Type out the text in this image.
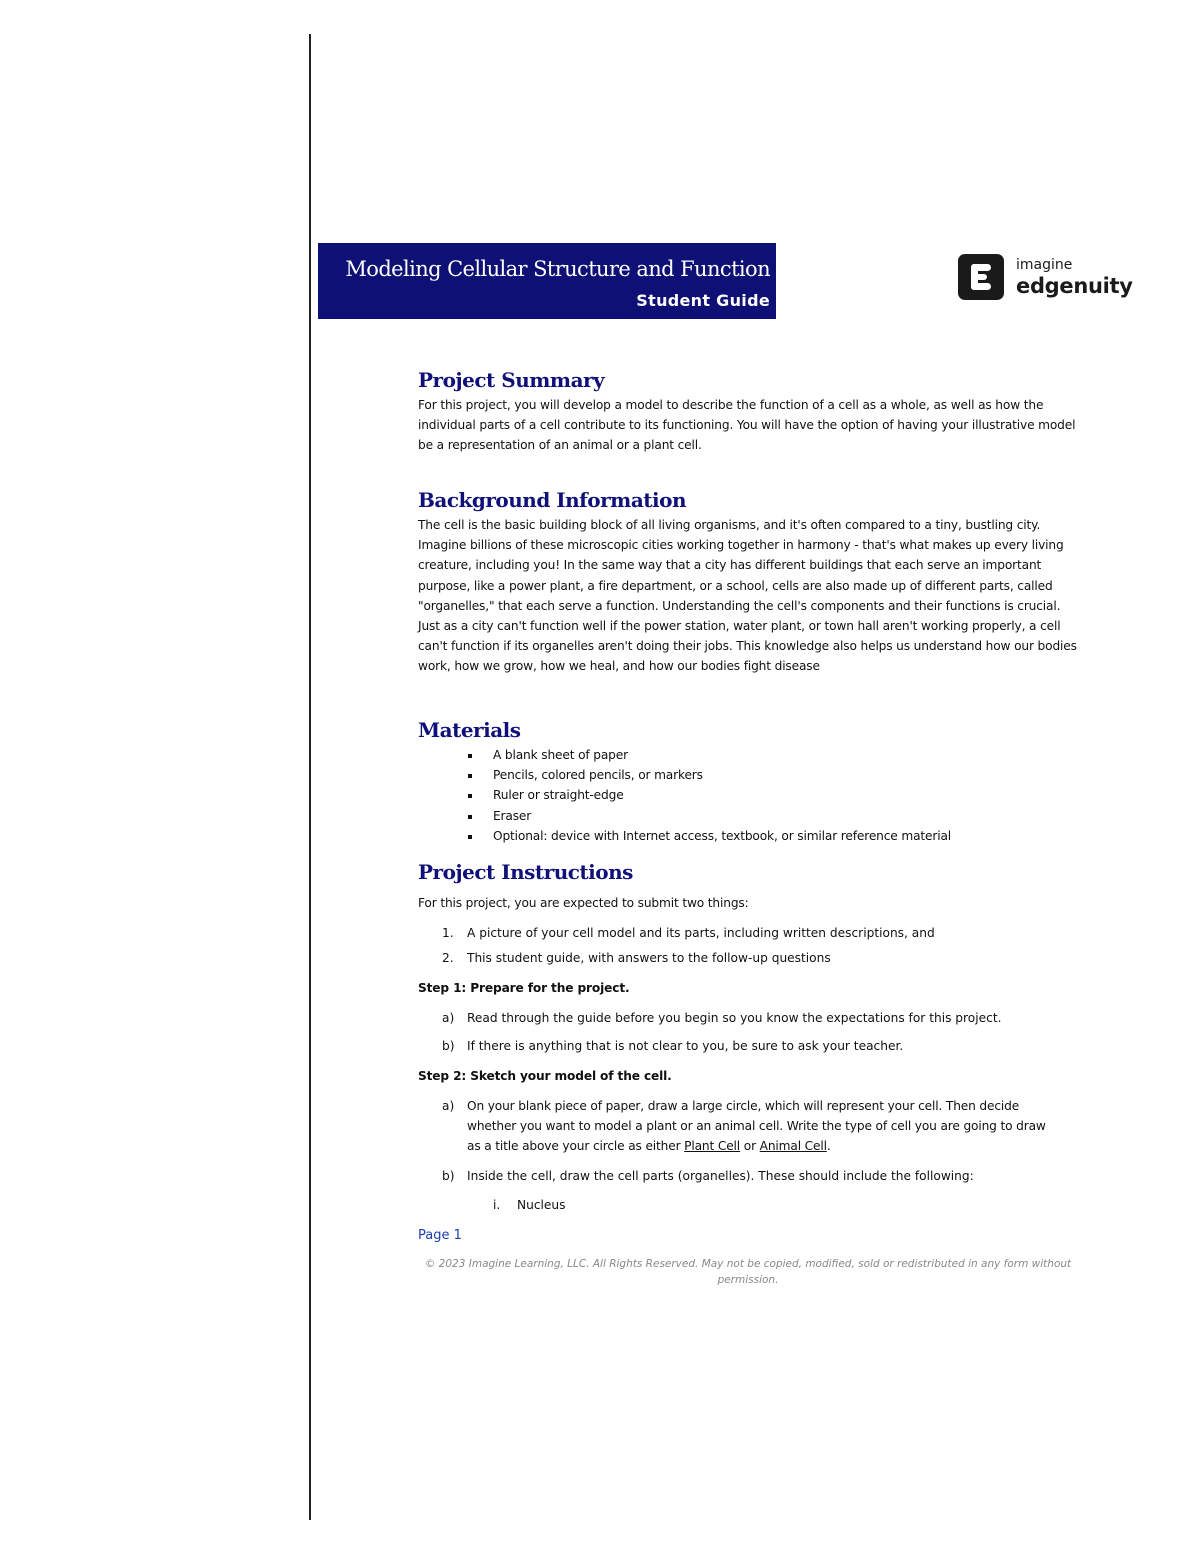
Modeling Cellular Structure and Function
Student Guide
imagine
edgenuity
Project Summary

For this project, you will develop a model to describe the function of a cell as a whole, as well as how the individual parts of a cell contribute to its functioning. You will have the option of having your illustrative model be a representation of an animal or a plant cell.

Background Information

The cell is the basic building block of all living organisms, and it's often compared to a tiny, bustling city. Imagine billions of these microscopic cities working together in harmony - that's what makes up every living creature, including you! In the same way that a city has different buildings that each serve an important purpose, like a power plant, a fire department, or a school, cells are also made up of different parts, called "organelles," that each serve a function. Understanding the cell's components and their functions is crucial. Just as a city can't function well if the power station, water plant, or town hall aren't working properly, a cell can't function if its organelles aren't doing their jobs. This knowledge also helps us understand how our bodies work, how we grow, how we heal, and how our bodies fight disease

Materials
A blank sheet of paper
Pencils, colored pencils, or markers
Ruler or straight-edge
Eraser
Optional: device with Internet access, textbook, or similar reference material
Project Instructions
For this project, you are expected to submit two things:
1. A picture of your cell model and its parts, including written descriptions, and
2. This student guide, with answers to the follow-up questions
Step 1: Prepare for the project.
a) Read through the guide before you begin so you know the expectations for this project.
b) If there is anything that is not clear to you, be sure to ask your teacher.
Step 2: Sketch your model of the cell.
a) On your blank piece of paper, draw a large circle, which will represent your cell. Then decide whether you want to model a plant or an animal cell. Write the type of cell you are going to draw as a title above your circle as either Plant Cell or Animal Cell.

b) Inside the cell, draw the cell parts (organelles). These should include the following:
i. Nucleus
Page 1
© 2023 Imagine Learning, LLC. All Rights Reserved. May not be copied, modified, sold or redistributed in any form without permission.
